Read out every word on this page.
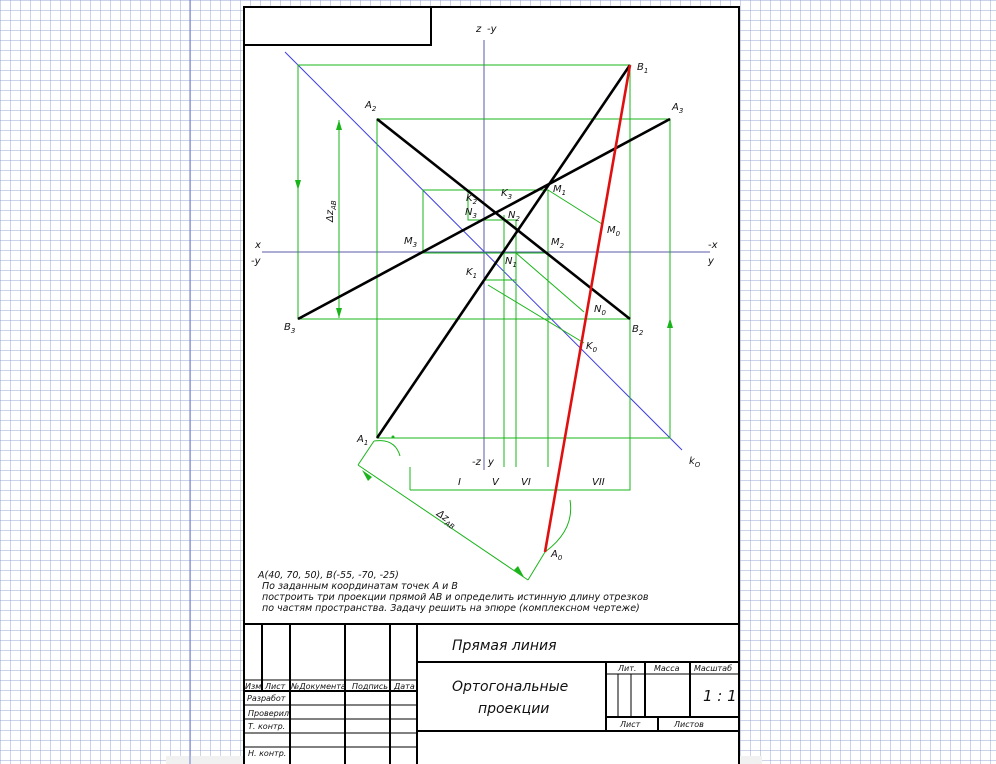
z -y
x
-y
-x
y
-z y
$B_1$
$A_2$	$A_3$
$K_3$
$M_1$
$K_2$
$N_3$	$N_2$
$M_0$
$M_3$	$M_2$
$N_1$
$K_1$
$N_0$
$B_3$	$B_2$
$K_0$
$A_1$
$k_O$
$A_0$
$\Delta z_{AB}$
$\Delta z_{AB}$
I	V VI	VII
A(40, 70, 50), B(-55, -70, -25)
По заданным координатам точек A и B
построить три проекции прямой AB и определить истинную длину отрезков
по частям пространства. Задачу решить на эпюре (комплексном чертеже)
Прямая линия
Ортогональные
проекции
1 : 1
Изм Лист №Документа Подпись Дата
Разработ
Проверил
Т. контр.
Н. контр.
Лит. Масса Масштаб
Лист	Листов
